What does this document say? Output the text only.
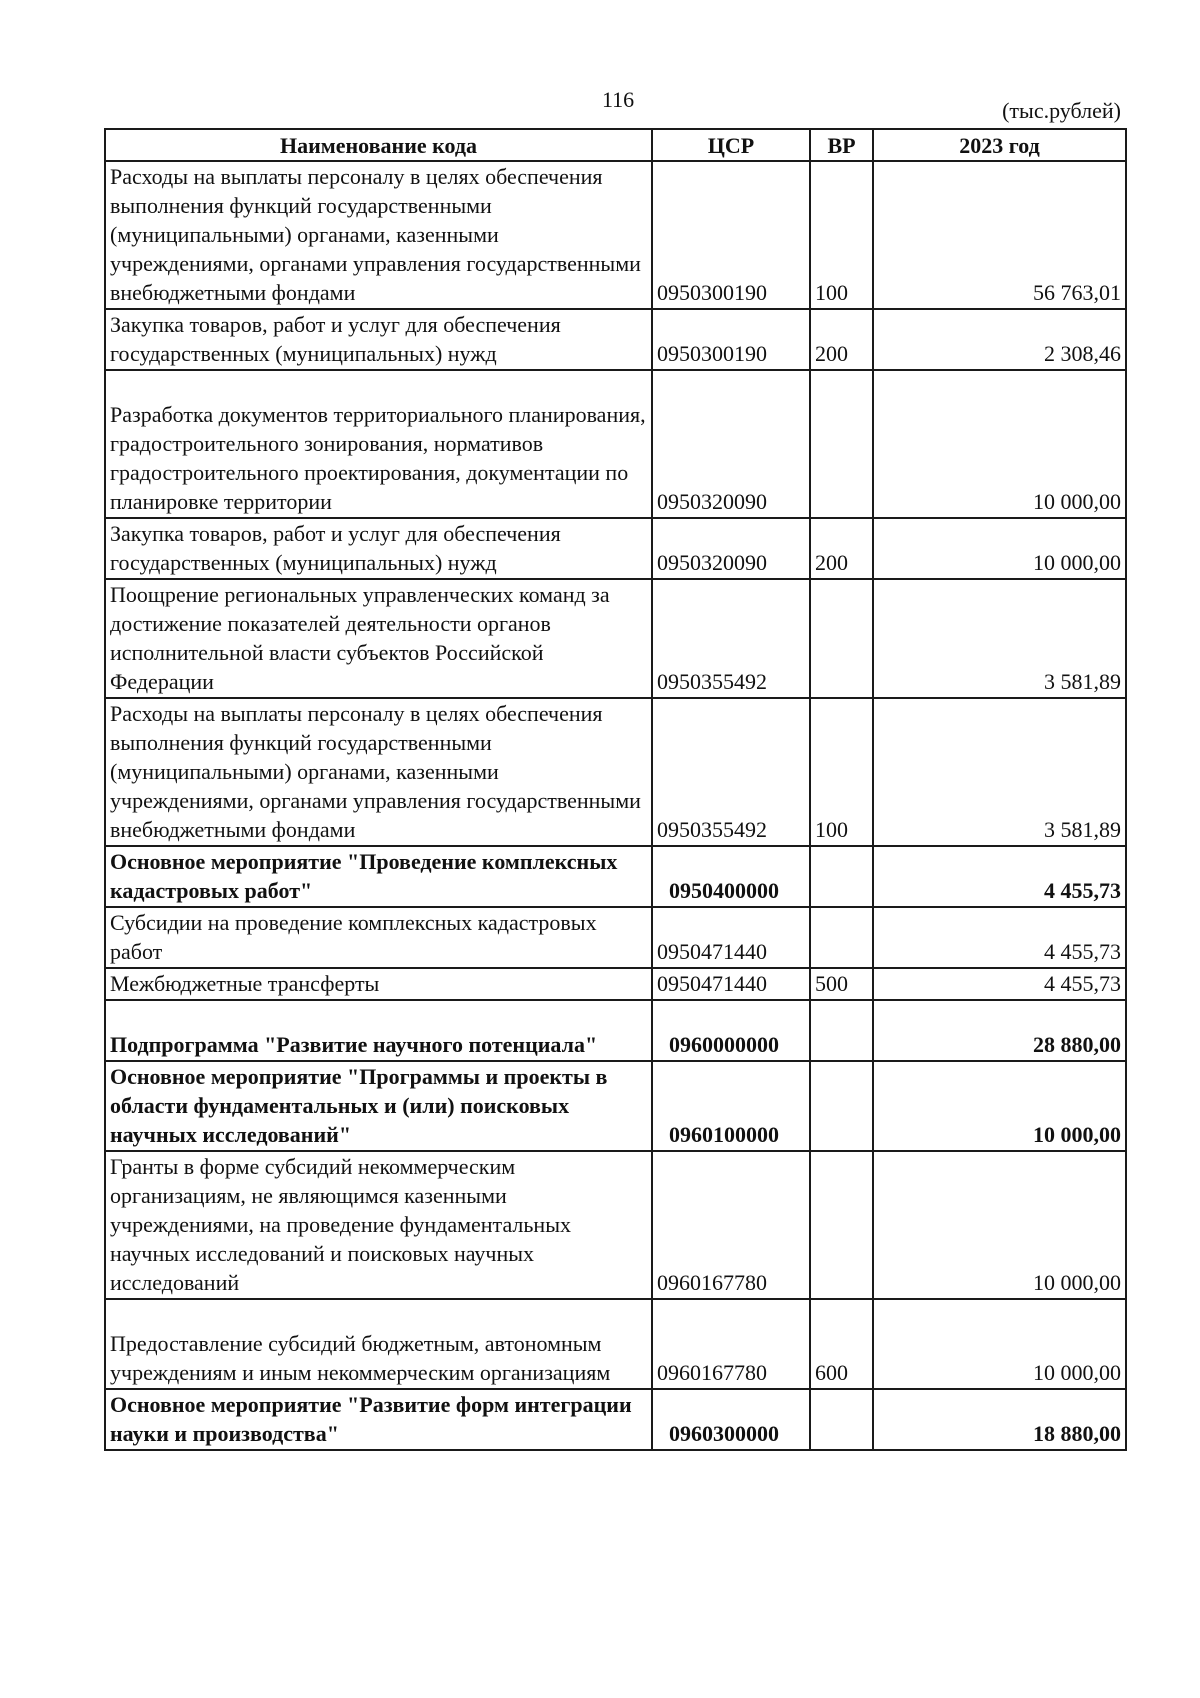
116	(тыс.рублей)
Наименование кода	ЦСР	ВР	2023 год
Расходы на выплаты персоналу в целях обеспечения выполнения функций государственными (муниципальными) органами, казенными учреждениями, органами управления государственными внебюджетными фондами	0950300190	100	56 763,01
Закупка товаров, работ и услуг для обеспечения государственных (муниципальных) нужд	0950300190	200	2 308,46
Разработка документов территориального планирования, градостроительного зонирования, нормативов градостроительного проектирования, документации по планировке территории	0950320090		10 000,00
Закупка товаров, работ и услуг для обеспечения государственных (муниципальных) нужд	0950320090	200	10 000,00
Поощрение региональных управленческих команд за достижение показателей деятельности органов исполнительной власти субъектов Российской Федерации	0950355492		3 581,89
Расходы на выплаты персоналу в целях обеспечения выполнения функций государственными (муниципальными) органами, казенными учреждениями, органами управления государственными внебюджетными фондами	0950355492	100	3 581,89
Основное мероприятие "Проведение комплексных кадастровых работ"	0950400000		4 455,73
Субсидии на проведение комплексных кадастровых работ	0950471440		4 455,73
Межбюджетные трансферты	0950471440	500	4 455,73
Подпрограмма "Развитие научного потенциала"	0960000000		28 880,00
Основное мероприятие "Программы и проекты в области фундаментальных и (или) поисковых научных исследований"	0960100000		10 000,00
Гранты в форме субсидий некоммерческим организациям, не являющимся казенными учреждениями, на проведение фундаментальных научных исследований и поисковых научных исследований	0960167780		10 000,00
Предоставление субсидий бюджетным, автономным учреждениям и иным некоммерческим организациям	0960167780	600	10 000,00
Основное мероприятие "Развитие форм интеграции науки и производства"	0960300000		18 880,00
